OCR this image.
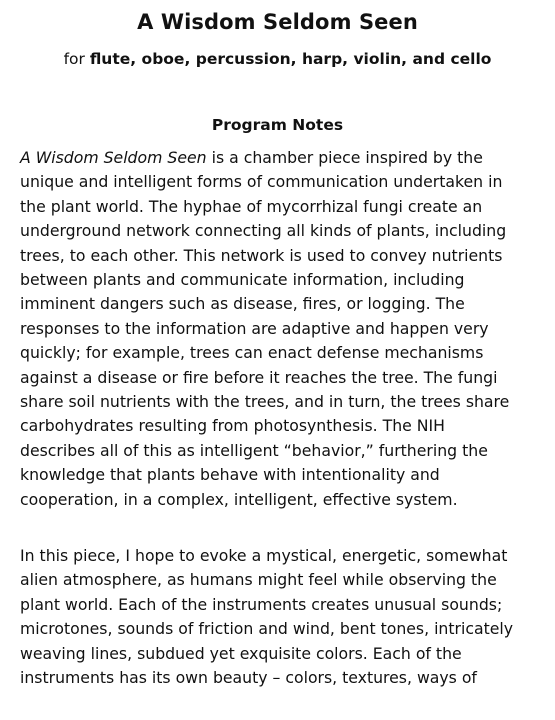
A Wisdom Seldom Seen
for flute, oboe, percussion, harp, violin, and cello
Program Notes
A Wisdom Seldom Seen is a chamber piece inspired by the
unique and intelligent forms of communication undertaken in
the plant world. The hyphae of mycorrhizal fungi create an
underground network connecting all kinds of plants, including
trees, to each other. This network is used to convey nutrients
between plants and communicate information, including
imminent dangers such as disease, fires, or logging. The
responses to the information are adaptive and happen very
quickly; for example, trees can enact defense mechanisms
against a disease or fire before it reaches the tree. The fungi
share soil nutrients with the trees, and in turn, the trees share
carbohydrates resulting from photosynthesis. The NIH
describes all of this as intelligent “behavior,” furthering the
knowledge that plants behave with intentionality and
cooperation, in a complex, intelligent, effective system.
In this piece, I hope to evoke a mystical, energetic, somewhat
alien atmosphere, as humans might feel while observing the
plant world. Each of the instruments creates unusual sounds;
microtones, sounds of friction and wind, bent tones, intricately
weaving lines, subdued yet exquisite colors. Each of the
instruments has its own beauty – colors, textures, ways of
